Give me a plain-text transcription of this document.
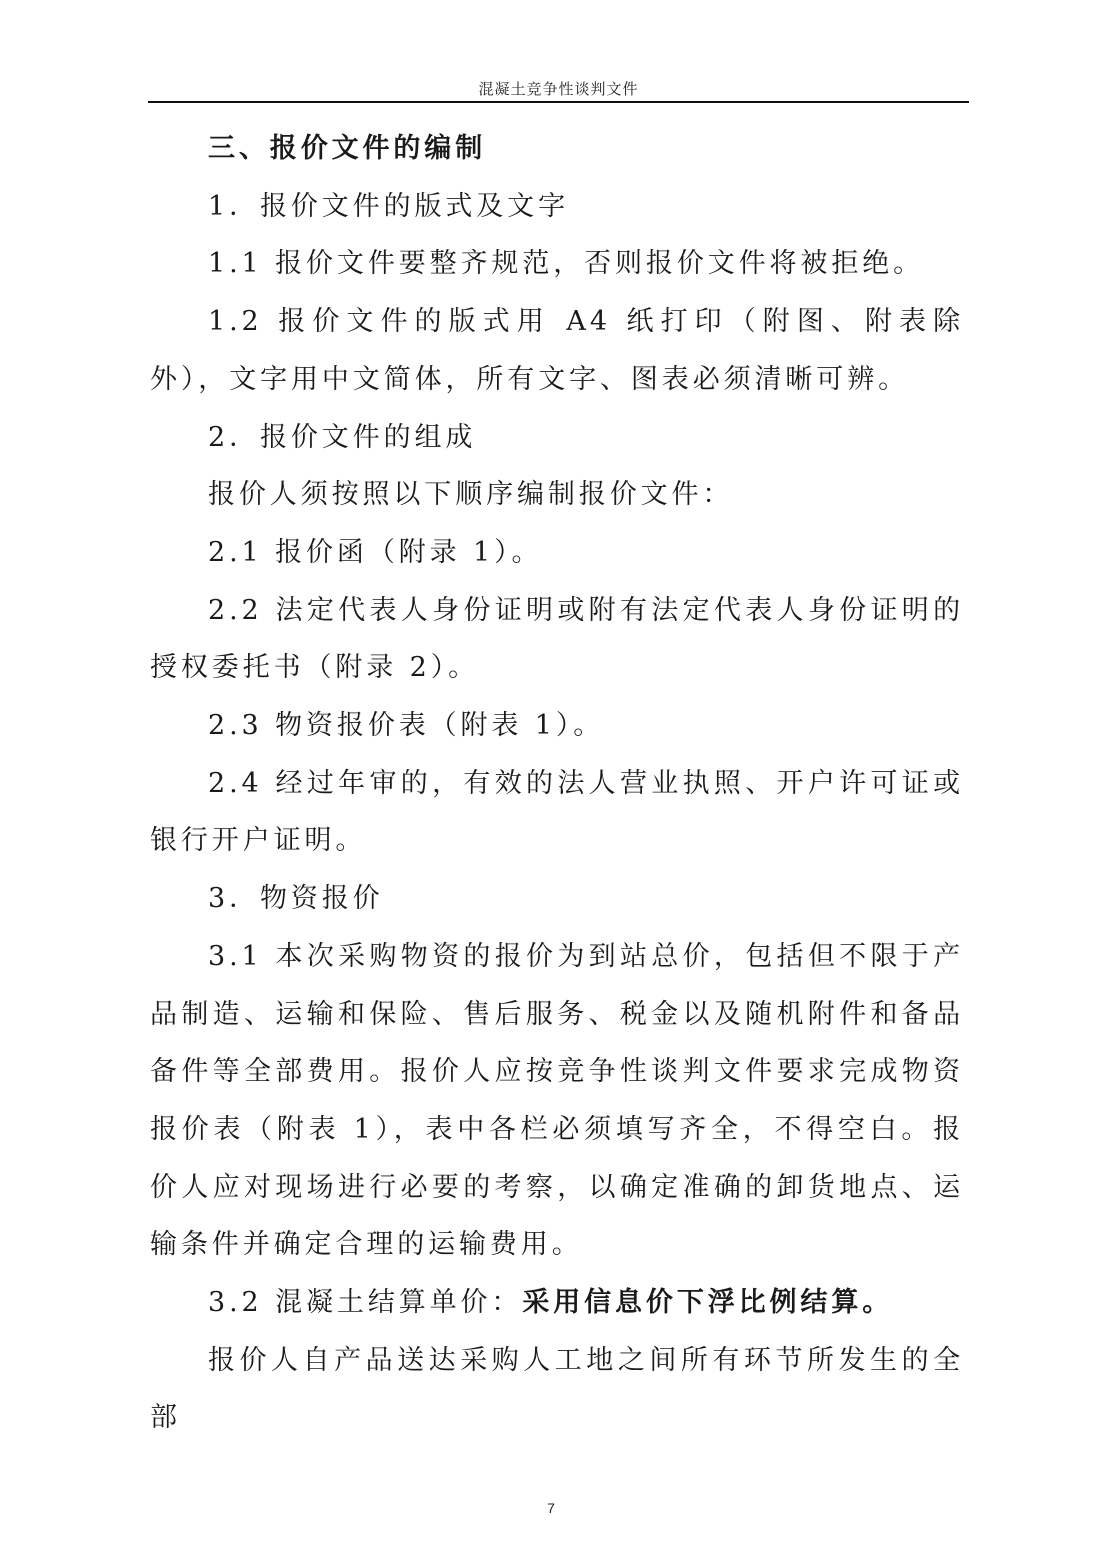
混凝土竞争性谈判文件

三、报价文件的编制

1．报价文件的版式及文字

1.1 报价文件要整齐规范，否则报价文件将被拒绝。

1.2 报价文件的版式用 A4 纸打印（附图、附表除外），文字用中文简体，所有文字、图表必须清晰可辨。

2．报价文件的组成

报价人须按照以下顺序编制报价文件：

2.1 报价函（附录 1）。

2.2 法定代表人身份证明或附有法定代表人身份证明的授权委托书（附录 2）。

2.3 物资报价表（附表 1）。

2.4 经过年审的，有效的法人营业执照、开户许可证或银行开户证明。

3．物资报价

3.1 本次采购物资的报价为到站总价，包括但不限于产品制造、运输和保险、售后服务、税金以及随机附件和备品备件等全部费用。报价人应按竞争性谈判文件要求完成物资报价表（附表 1），表中各栏必须填写齐全，不得空白。报价人应对现场进行必要的考察，以确定准确的卸货地点、运输条件并确定合理的运输费用。

3.2 混凝土结算单价：采用信息价下浮比例结算。

报价人自产品送达采购人工地之间所有环节所发生的全部

7
